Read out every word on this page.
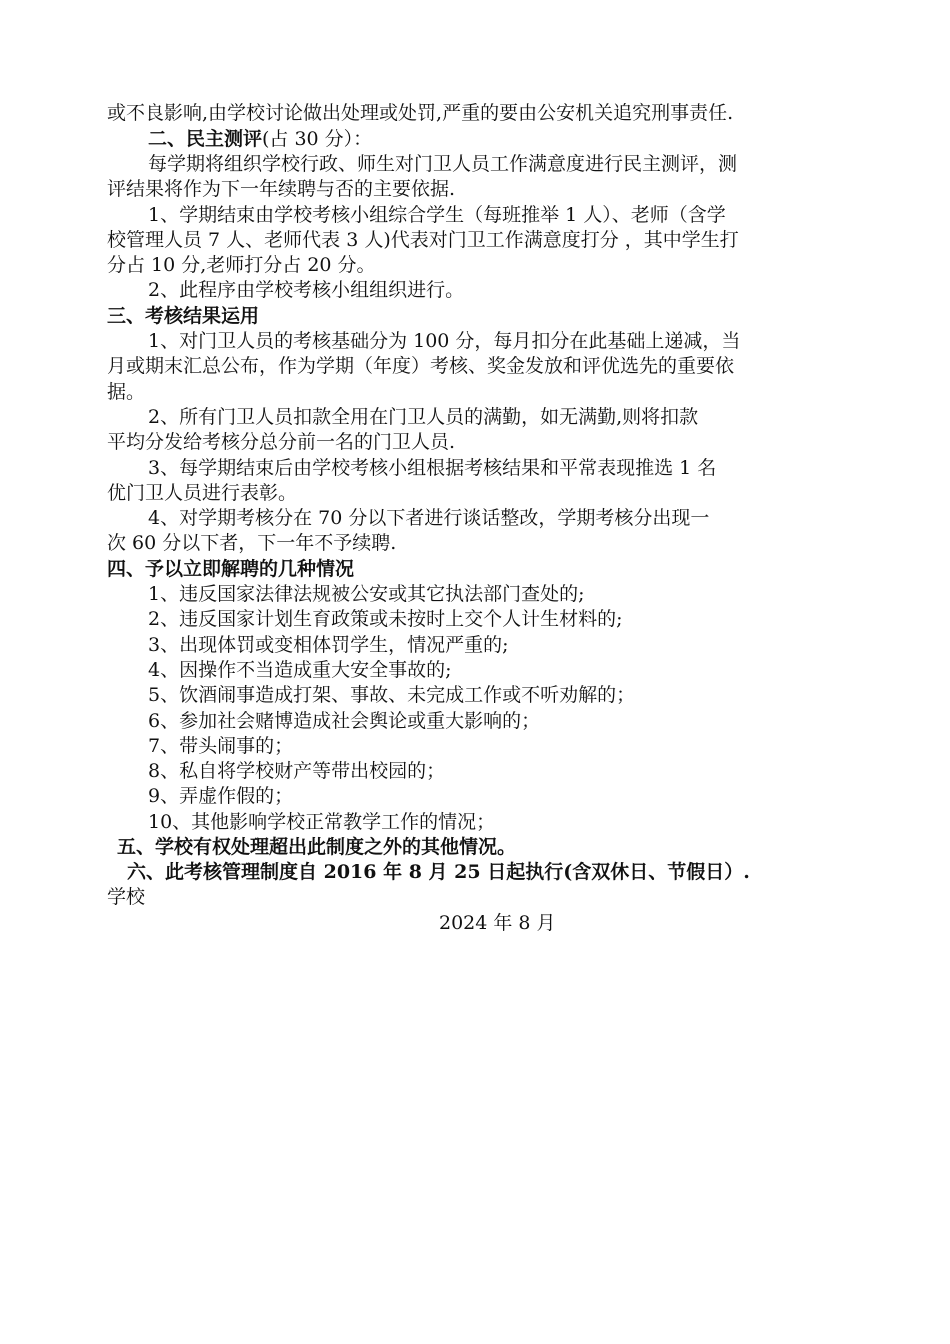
或不良影响,由学校讨论做出处理或处罚,严重的要由公安机关追究刑事责任.
二、民主测评(占 30 分）：
每学期将组织学校行政、师生对门卫人员工作满意度进行民主测评，测
评结果将作为下一年续聘与否的主要依据.
1、学期结束由学校考核小组综合学生（每班推举 1 人）、老师（含学
校管理人员 7 人、老师代表 3 人)代表对门卫工作满意度打分 ，其中学生打
分占 10 分,老师打分占 20 分。
2、此程序由学校考核小组组织进行。
三、考核结果运用
1、对门卫人员的考核基础分为 100 分，每月扣分在此基础上递减，当
月或期末汇总公布，作为学期（年度）考核、奖金发放和评优选先的重要依
据。
2、所有门卫人员扣款全用在门卫人员的满勤，如无满勤,则将扣款
平均分发给考核分总分前一名的门卫人员.
3、每学期结束后由学校考核小组根据考核结果和平常表现推选 1 名
优门卫人员进行表彰。
4、对学期考核分在 70 分以下者进行谈话整改，学期考核分出现一
次 60 分以下者，下一年不予续聘.
四、予以立即解聘的几种情况
1、违反国家法律法规被公安或其它执法部门查处的;
2、违反国家计划生育政策或未按时上交个人计生材料的;
3、出现体罚或变相体罚学生，情况严重的;
4、因操作不当造成重大安全事故的;
5、饮酒闹事造成打架、事故、未完成工作或不听劝解的；
6、参加社会赌博造成社会舆论或重大影响的；
7、带头闹事的；
8、私自将学校财产等带出校园的；
9、弄虚作假的；
10、其他影响学校正常教学工作的情况；
五、学校有权处理超出此制度之外的其他情况。
六、此考核管理制度自 2016 年 8 月 25 日起执行(含双休日、节假日）.
学校
2024 年 8 月
